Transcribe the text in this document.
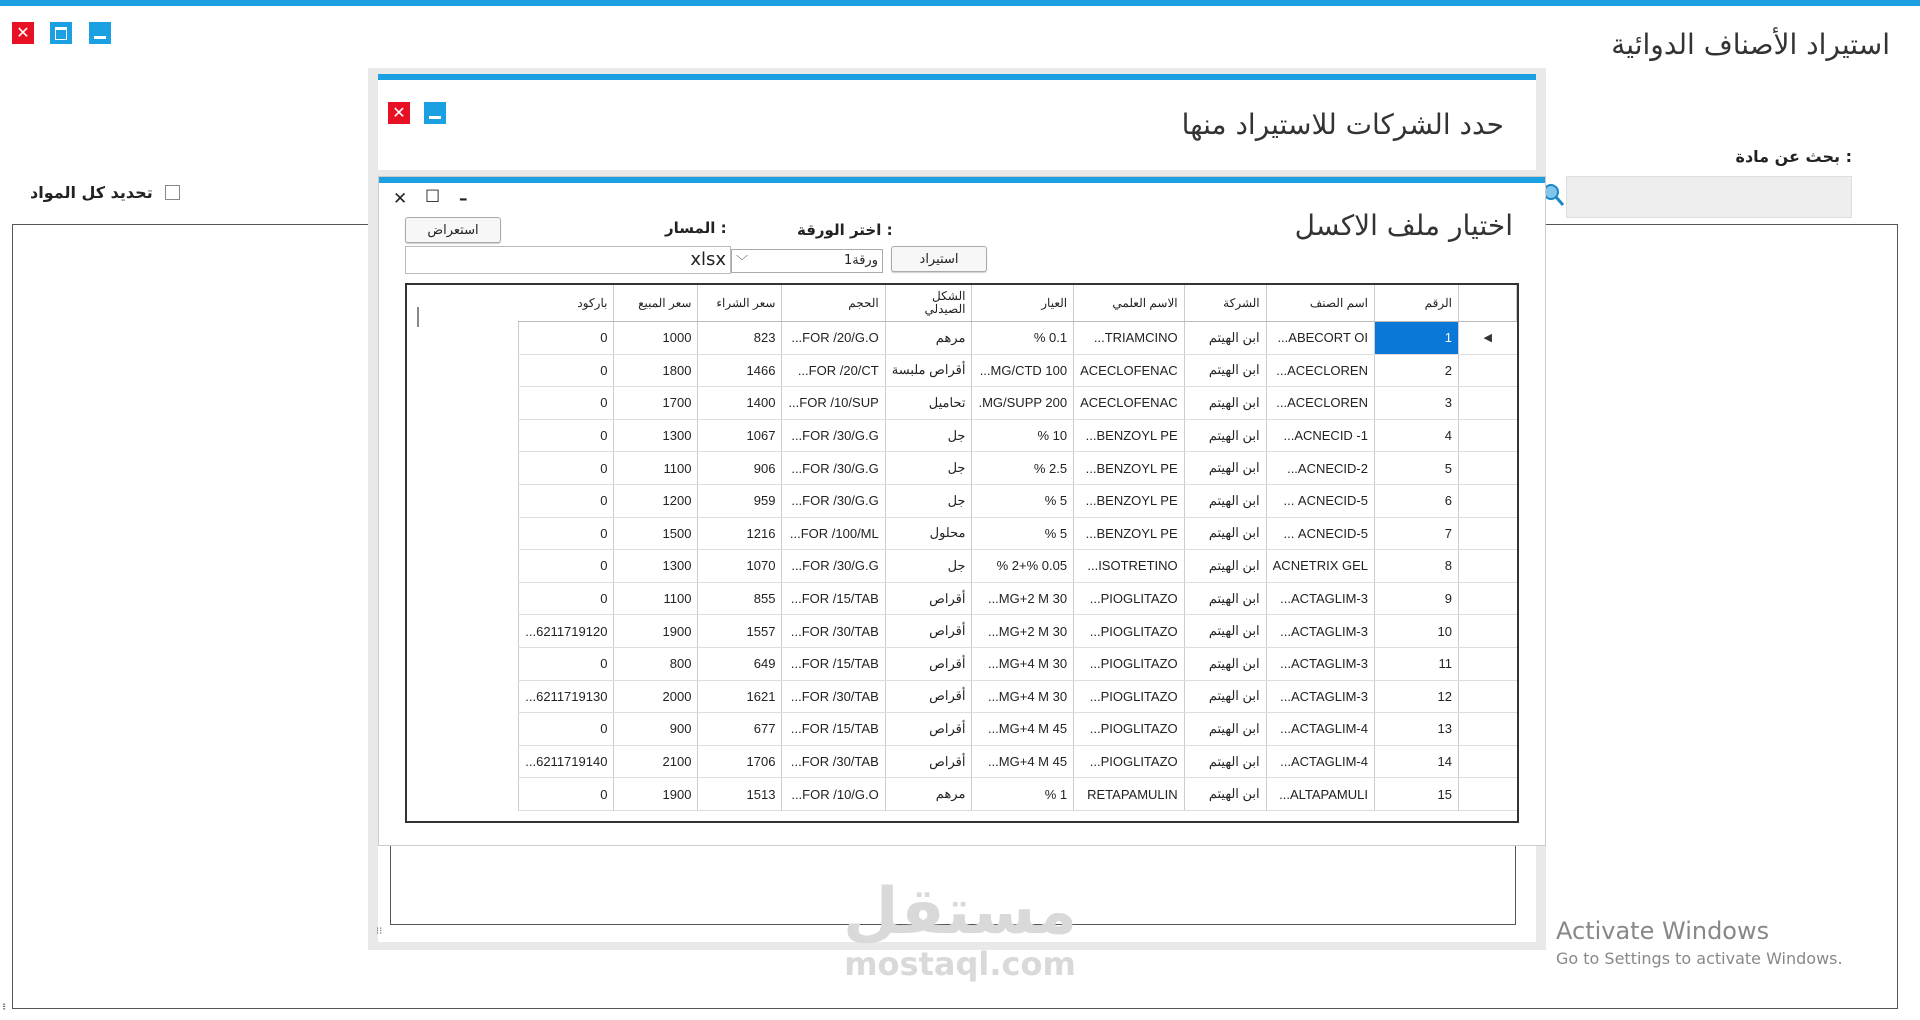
✕	استيراد الأصناف الدوائية
بحث عن مادة :
تحديد كل المواد
⁝⁝
✕	حدد الشركات للاستيراد منها
⁝⁝
✕ ☐ –
اختيار ملف الاكسل
استعراض	المسار :	اختر الورقة :
xlsx	ورقة1
﹀	استيراد
	الرقم	اسم الصنف	الشركة	الاسم العلمي	العيار	الشكل الصيدلي	الحجم	سعر الشراء	سعر المبيع	باركود
◀	1	ABECORT OI...	ابن الهيتم	TRIAMCINO...	0.1 %	مرهم	FOR /20/G.O...	823	1000	0
	2	ACECLOREN...	ابن الهيتم	ACECLOFENAC	MG/CTD 100...	أقراص ملبسة	FOR /20/CT...	1466	1800	0
	3	ACECLOREN...	ابن الهيتم	ACECLOFENAC	MG/SUPP 200.	تحاميل	FOR /10/SUP...	1400	1700	0
	4	ACNECID -1...	ابن الهيتم	BENZOYL PE...	10 %	جل	FOR /30/G.G...	1067	1300	0
	5	ACNECID-2...	ابن الهيتم	BENZOYL PE...	2.5 %	جل	FOR /30/G.G...	906	1100	0
	6	ACNECID-5 ...	ابن الهيتم	BENZOYL PE...	5 %	جل	FOR /30/G.G...	959	1200	0
	7	ACNECID-5 ...	ابن الهيتم	BENZOYL PE...	5 %	محلول	FOR /100/ML...	1216	1500	0
	8	ACNETRIX GEL	ابن الهيتم	ISOTRETINO...	0.05 %+2 %	جل	FOR /30/G.G...	1070	1300	0
	9	ACTAGLIM-3...	ابن الهيتم	PIOGLITAZO...	30 MG+2 M...	أقراص	FOR /15/TAB...	855	1100	0
	10	ACTAGLIM-3...	ابن الهيتم	PIOGLITAZO...	30 MG+2 M...	أقراص	FOR /30/TAB...	1557	1900	6211719120...
	11	ACTAGLIM-3...	ابن الهيتم	PIOGLITAZO...	30 MG+4 M...	أقراص	FOR /15/TAB...	649	800	0
	12	ACTAGLIM-3...	ابن الهيتم	PIOGLITAZO...	30 MG+4 M...	أقراص	FOR /30/TAB...	1621	2000	6211719130...
	13	ACTAGLIM-4...	ابن الهيتم	PIOGLITAZO...	45 MG+4 M...	أقراص	FOR /15/TAB...	677	900	0
	14	ACTAGLIM-4...	ابن الهيتم	PIOGLITAZO...	45 MG+4 M...	أقراص	FOR /30/TAB...	1706	2100	6211719140...
	15	ALTAPAMULI...	ابن الهيتم	RETAPAMULIN	1 %	مرهم	FOR /10/G.O...	1513	1900	0
مستقل
mostaql.com
Activate Windows
Go to Settings to activate Windows.
